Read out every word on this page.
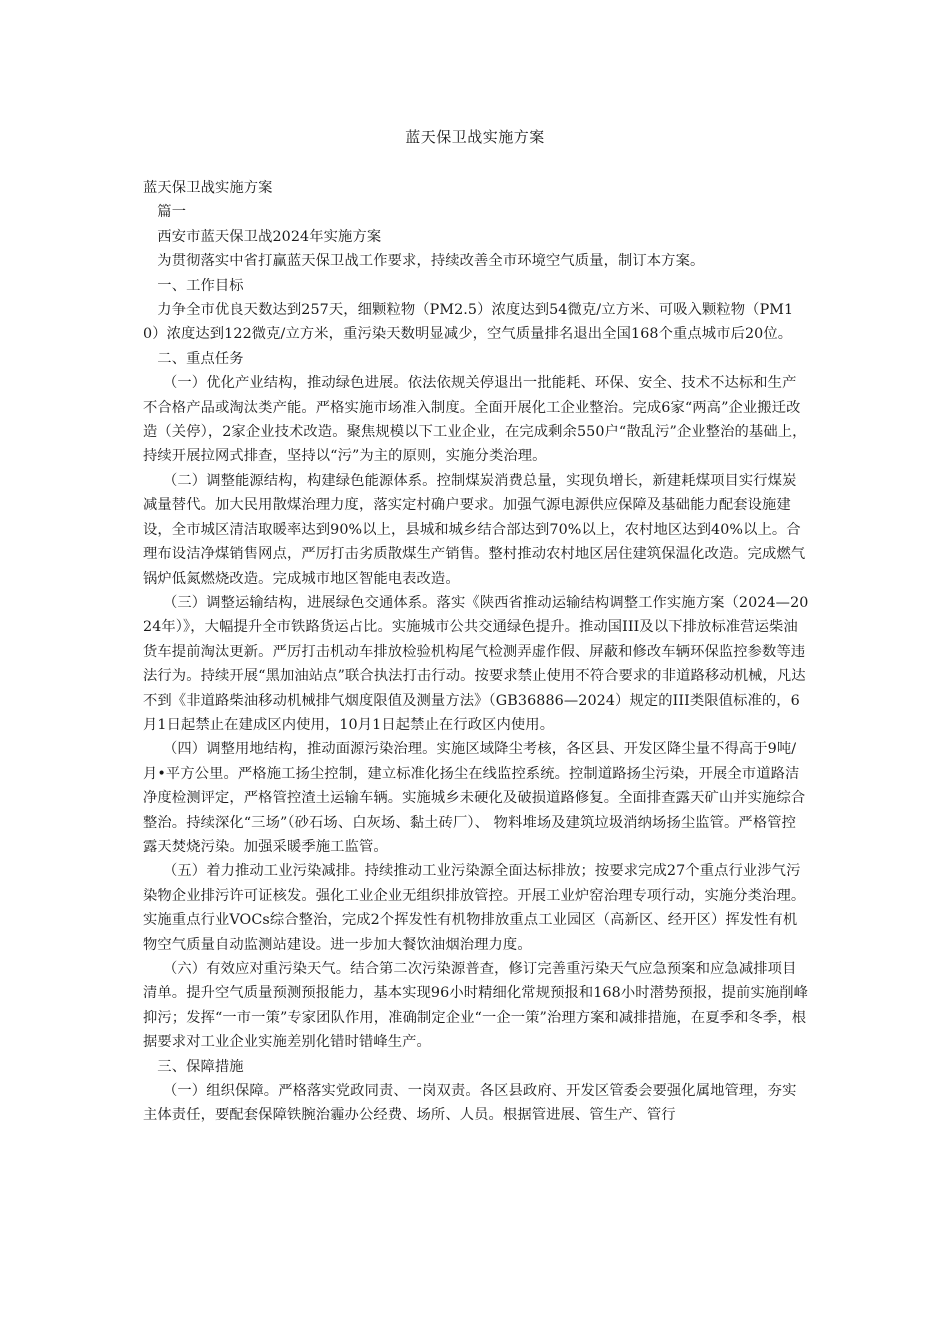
蓝天保卫战实施方案

蓝天保卫战实施方案

篇一

西安市蓝天保卫战2024年实施方案

为贯彻落实中省打赢蓝天保卫战工作要求，持续改善全市环境空气质量，制订本方案。

一、工作目标

力争全市优良天数达到257天，细颗粒物（PM2.5）浓度达到54微克/立方米、可吸入颗粒物（PM10）浓度达到122微克/立方米，重污染天数明显减少，空气质量排名退出全国168个重点城市后20位。

二、重点任务

（一）优化产业结构，推动绿色进展。依法依规关停退出一批能耗、环保、安全、技术不达标和生产不合格产品或淘汰类产能。严格实施市场准入制度。全面开展化工企业整治。完成6家“两高”企业搬迁改造（关停），2家企业技术改造。聚焦规模以下工业企业，在完成剩余550户“散乱污”企业整治的基础上，持续开展拉网式排查，坚持以“污”为主的原则，实施分类治理。

（二）调整能源结构，构建绿色能源体系。控制煤炭消费总量，实现负增长，新建耗煤项目实行煤炭减量替代。加大民用散煤治理力度，落实定村确户要求。加强气源电源供应保障及基础能力配套设施建设，全市城区清洁取暖率达到90%以上，县城和城乡结合部达到70%以上，农村地区达到40%以上。合理布设洁净煤销售网点，严厉打击劣质散煤生产销售。整村推动农村地区居住建筑保温化改造。完成燃气锅炉低氮燃烧改造。完成城市地区智能电表改造。

（三）调整运输结构，进展绿色交通体系。落实《陕西省推动运输结构调整工作实施方案（2024—2024年）》，大幅提升全市铁路货运占比。实施城市公共交通绿色提升。推动国III及以下排放标准营运柴油货车提前淘汰更新。严厉打击机动车排放检验机构尾气检测弄虚作假、屏蔽和修改车辆环保监控参数等违法行为。持续开展“黑加油站点”联合执法打击行动。按要求禁止使用不符合要求的非道路移动机械，凡达不到《非道路柴油移动机械排气烟度限值及测量方法》（GB36886—2024）规定的III类限值标准的，6月1日起禁止在建成区内使用，10月1日起禁止在行政区内使用。

（四）调整用地结构，推动面源污染治理。实施区域降尘考核，各区县、开发区降尘量不得高于9吨/月•平方公里。严格施工扬尘控制，建立标准化扬尘在线监控系统。控制道路扬尘污染，开展全市道路洁净度检测评定，严格管控渣土运输车辆。实施城乡未硬化及破损道路修复。全面排查露天矿山并实施综合整治。持续深化“三场”（砂石场、白灰场、黏土砖厂）、 物料堆场及建筑垃圾消纳场扬尘监管。严格管控露天焚烧污染。加强采暖季施工监管。

（五）着力推动工业污染减排。持续推动工业污染源全面达标排放；按要求完成27个重点行业涉气污染物企业排污许可证核发。强化工业企业无组织排放管控。开展工业炉窑治理专项行动，实施分类治理。实施重点行业VOCs综合整治，完成2个挥发性有机物排放重点工业园区（高新区、经开区）挥发性有机物空气质量自动监测站建设。进一步加大餐饮油烟治理力度。

（六）有效应对重污染天气。结合第二次污染源普查，修订完善重污染天气应急预案和应急减排项目清单。提升空气质量预测预报能力，基本实现96小时精细化常规预报和168小时潜势预报，提前实施削峰抑污；发挥“一市一策”专家团队作用，准确制定企业“一企一策”治理方案和减排措施，在夏季和冬季，根据要求对工业企业实施差别化错时错峰生产。

三、保障措施

（一）组织保障。严格落实党政同责、一岗双责。各区县政府、开发区管委会要强化属地管理，夯实主体责任，要配套保障铁腕治霾办公经费、场所、人员。根据管进展、管生产、管行
